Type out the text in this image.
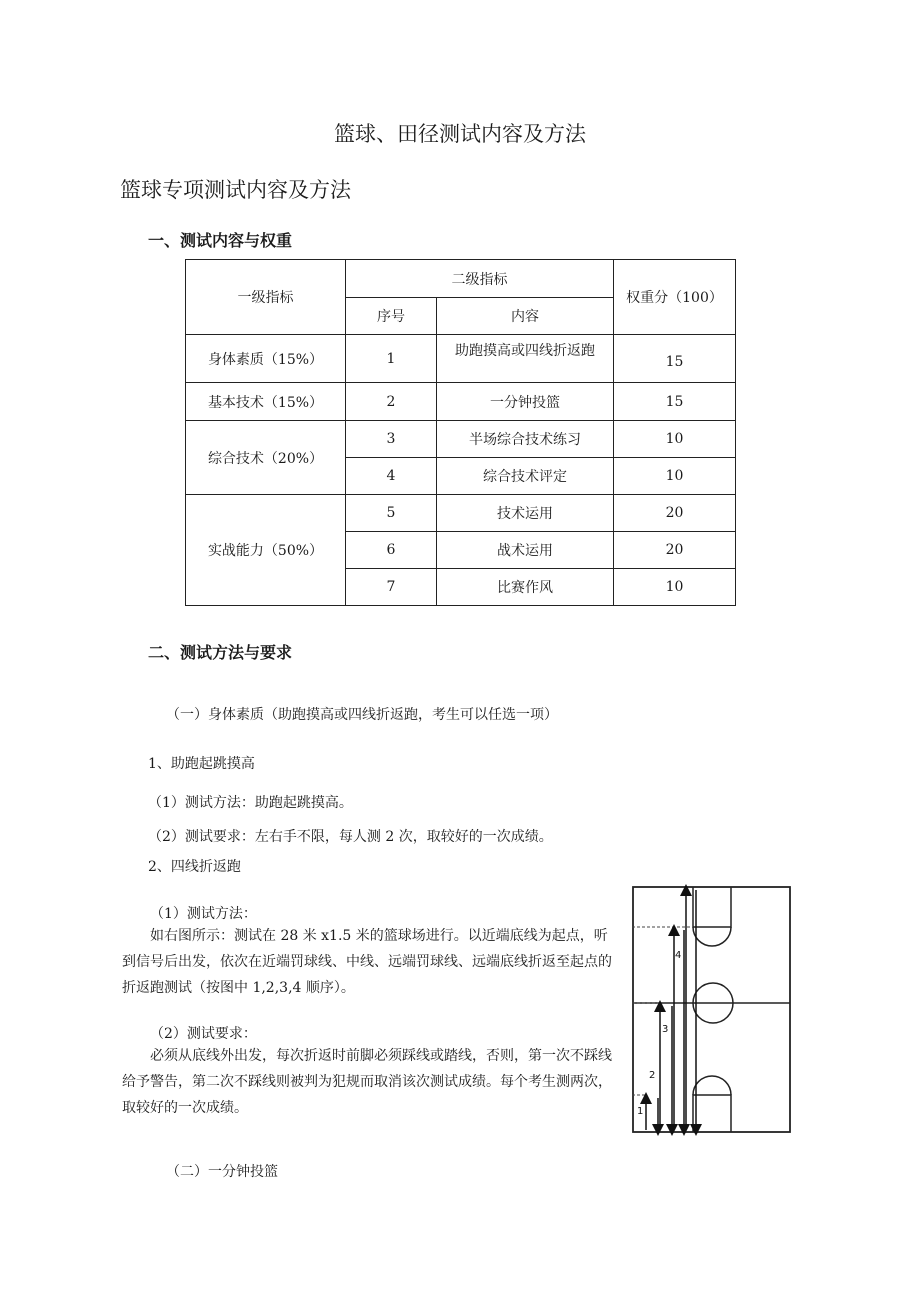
篮球、田径测试内容及方法
篮球专项测试内容及方法
一、测试内容与权重
一级指标	二级指标		权重分（100）
	序号	内容	
身体素质（15%）	1	助跑摸高或四线折返跑	15
基本技术（15%）	2	一分钟投篮	15
综合技术（20%）	3	半场综合技术练习	10
	4	综合技术评定	10
实战能力（50%）	5	技术运用	20
	6	战术运用	20
	7	比赛作风	10
二、测试方法与要求
（一）身体素质（助跑摸高或四线折返跑，考生可以任选一项）
1、助跑起跳摸高
（1）测试方法：助跑起跳摸高。
（2）测试要求：左右手不限，每人测 2 次，取较好的一次成绩。
2、四线折返跑
（1）测试方法：
如右图所示：测试在 28 米 x1.5 米的篮球场进行。以近端底线为起点，听到信号后出发，依次在近端罚球线、中线、远端罚球线、远端底线折返至起点的折返跑测试（按图中 1,2,3,4 顺序）。
（2）测试要求：
必须从底线外出发，每次折返时前脚必须踩线或踏线，否则，第一次不踩线给予警告，第二次不踩线则被判为犯规而取消该次测试成绩。每个考生测两次，取较好的一次成绩。	1
2
3
4
（二）一分钟投篮
